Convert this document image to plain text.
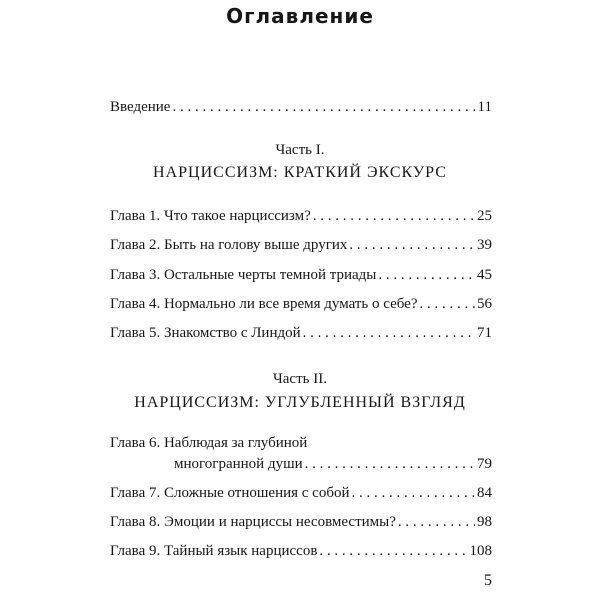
Оглавление
Введение . . .	11
Часть I.
НАРЦИССИЗМ: КРАТКИЙ ЭКСКУРС
Глава 1. Что такое нарциссизм? . . .	25
Глава 2. Быть на голову выше других . . .	39
Глава 3. Остальные черты темной триады . . .	45
Глава 4. Нормально ли все время думать о себе? . . .	56
Глава 5. Знакомство с Линдой . . .	71
Часть II.
НАРЦИССИЗМ: УГЛУБЛЕННЫЙ ВЗГЛЯД
Глава 6. Наблюдая за глубиной
многогранной души . . .	79
Глава 7. Сложные отношения с собой . . .	84
Глава 8. Эмоции и нарциссы несовместимы? . . .	98
Глава 9. Тайный язык нарциссов . . .	108
5
